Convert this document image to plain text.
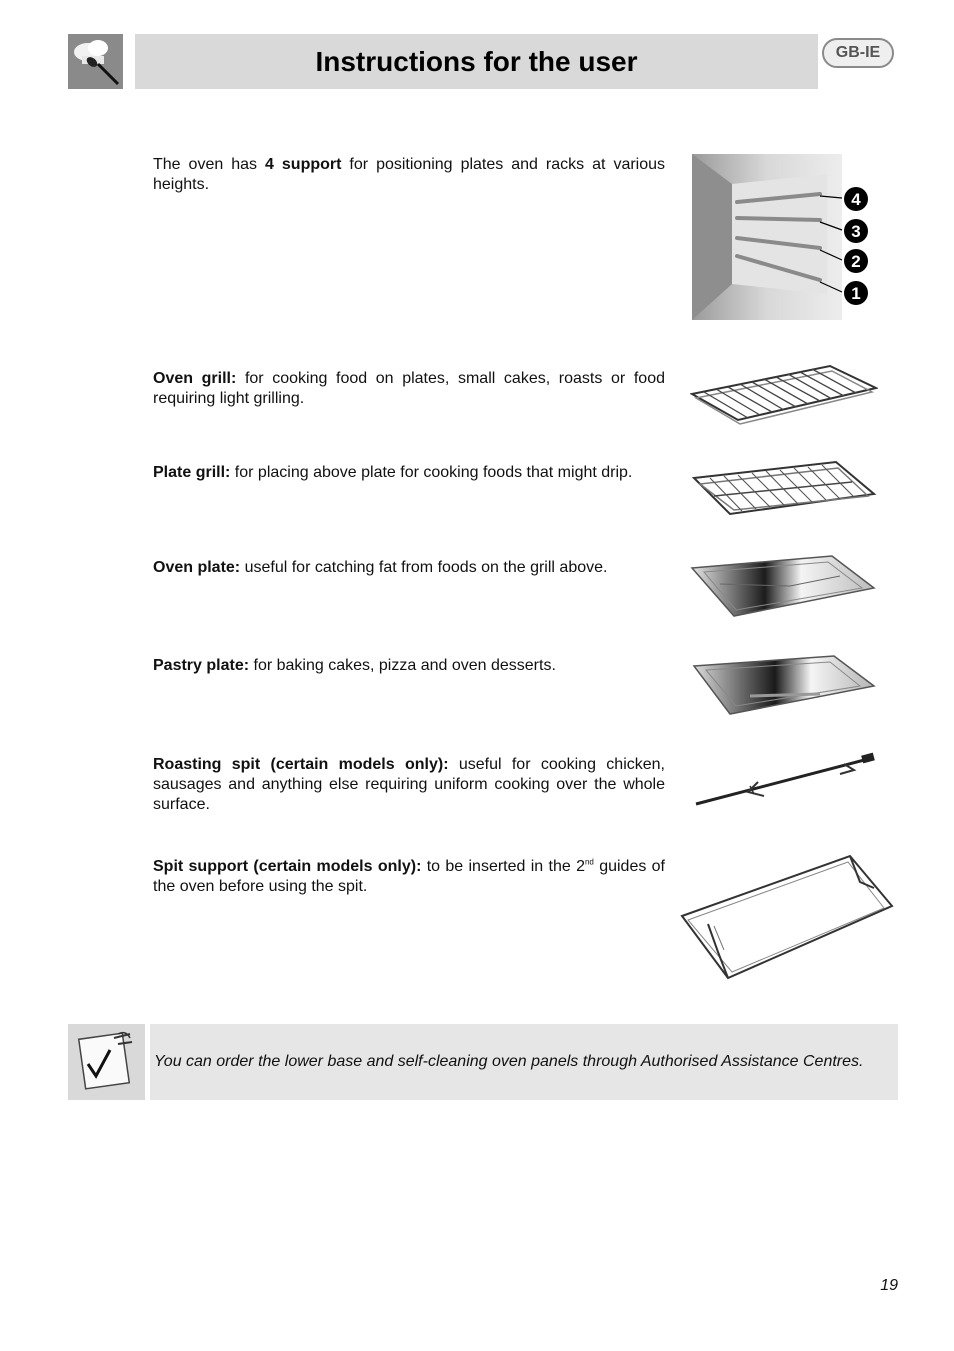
Instructions for the user	GB-IE

The oven has 4 support for positioning plates and racks at various heights.

4
3
2
1

Oven grill: for cooking food on plates, small cakes, roasts or food requiring light grilling.

Plate grill: for placing above plate for cooking foods that might drip.

Oven plate: useful for catching fat from foods on the grill above.

Pastry plate: for baking cakes, pizza and oven desserts.

Roasting spit (certain models only): useful for cooking chicken, sausages and anything else requiring uniform cooking over the whole surface.

Spit support (certain models only): to be inserted in the 2nd guides of the oven before using the spit.

You can order the lower base and self-cleaning oven panels through Authorised Assistance Centres.

19
